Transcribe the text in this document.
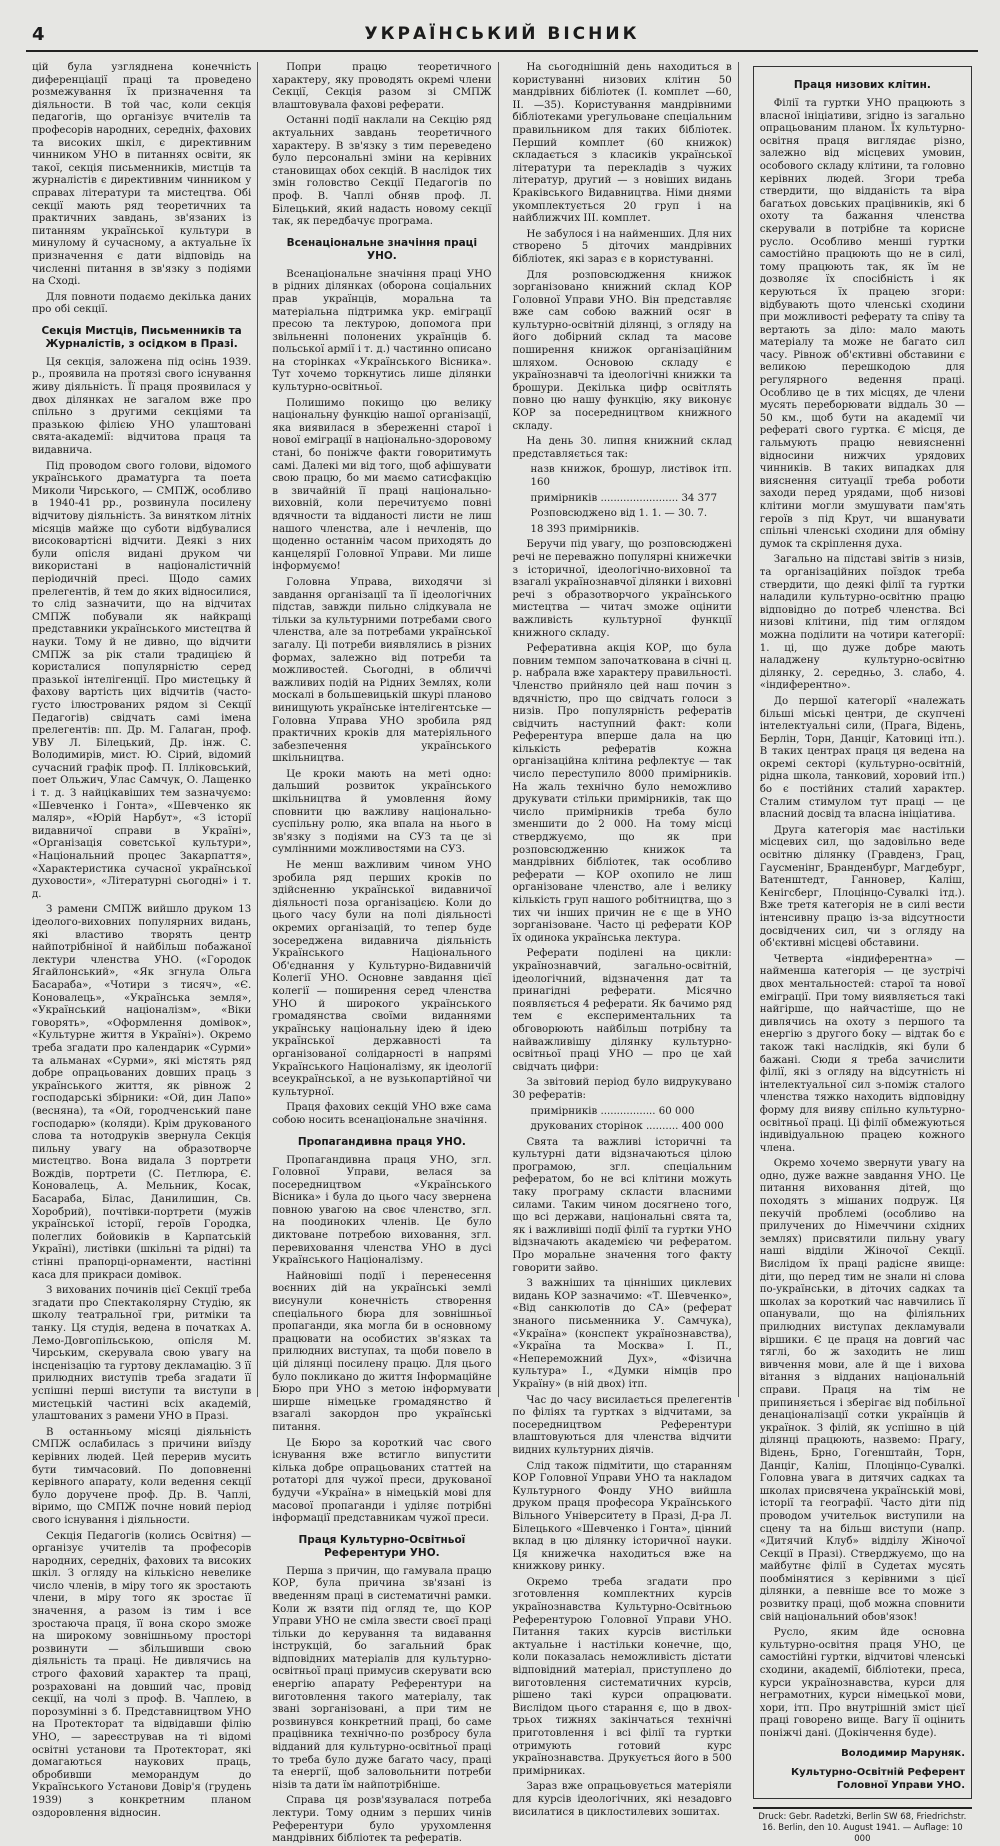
4	УКРАЇНСЬКИЙ ВІСНИК

цій була узгляднена конечність диференціації праці та проведено розмежування їх призначення та діяльности. В той час, коли секція педагогів, що організує вчителів та професорів народних, середніх, фахових та високих шкіл, є директивним чинником УНО в питаннях освіти, як такої, секція письменників, мистців та журналістів є директивним чинником у справах літератури та мистецтва. Обі секції мають ряд теоретичних та практичних завдань, зв'язаних із питанням української культури в минулому й сучасному, а актуальне їх призначення є дати відповідь на численні питання в зв'язку з подіями на Сході.

Для повноти подаємо декілька даних про обі секції.

Секція Мистців, Письменників та Журналістів, з осідком в Празі.

Ця секція, заложена під осінь 1939. р., проявила на протязі свого існування живу діяльність. Її праця проявилася у двох ділянках не загалом вже про спільно з другими секціями та празькою філією УНО улаштовані свята-академії: відчитова праця та видавнича.

Під проводом свого голови, відомого українського драматурга та поета Миколи Чирського, — СМПЖ, особливо в 1940-41 рр., розвинула посилену відчитову діяльність. За винятком літніх місяців майже що суботи відбувалися високовартісні відчити. Деякі з них були опісля видані друком чи використані в націоналістичній періодичній пресі. Щодо самих прелегентів, й тем до яких відносилися, то слід зазначити, що на відчитах СМПЖ побували як найкращі представники українського мистецтва й науки. Тому й не дивно, що відчити СМПЖ за рік стали традицією й користалися популярністю серед празької інтелігенції. Про мистецьку й фахову вартість цих відчитів (часто-густо ілюстрованих рядом зі Секції Педагогів) свідчать самі імена прелегентів: пп. Др. М. Галаган, проф. УВУ Л. Білецький, Др. інж. С. Володимирів, мист. Ю. Сірий, відомий сучасний графік проф. П. Ілліковський, поет Ольжич, Улас Самчук, О. Лащенко і т. д. З найцікавіших тем зазначуємо: «Шевченко і Гонта», «Шевченко як маляр», «Юрій Нарбут», «З історії видавничої справи в Україні», «Організація совєтської культури», «Національний процес Закарпаття», «Характеристика сучасної української духовости», «Літературні сьогодні» і т. д.

З рамени СМПЖ вийшло друком 13 ідеолого-виховних популярних видань, які властиво творять центр найпотрібніної й найбільш побажаної лектури членства УНО. («Городок Ягайлонський», «Як згнула Ольга Басараба», «Чотири з тисяч», «Є. Коновалець», «Українська земля», «Український націоналізм», «Віки говорять», «Оформлення домівок», «Культурне життя в Україні»). Окремо треба згадати про календарик «Сурми» та альманах «Сурми», які містять ряд добре опрацьованих довших праць з українського життя, як рівнож 2 господарські збірники: «Ой, дин Лапо» (весняна), та «Ой, городченський пане господарю» (коляди). Крім друкованого слова та нотодруків звернула Секція пильну увагу на образотворче мистецтво. Вона видала 3 портрети Вождів, портрети (С. Петлюра, Є. Коновалець, А. Мельник, Косак, Басараба, Білас, Данилишин, Св. Хоробрий), почтівки-портрети (мужів української історії, героїв Городка, полеглих бойовиків в Карпатській Україні), листівки (шкільні та рідні) та стінні прапорці-орнаменти, настінні каса для прикраси домівок.

З вихованих починів цієї Секції треба згадати про Спектаколярну Студію, як школу театральної гри, ритміки та танку. Ця студія, ведена в початках А. Лемо-Довгопільською, опісля М. Чирським, скерувала свою увагу на інсценізацію та гуртову декламацію. З її прилюдних виступів треба згадати її успішні перші виступи та виступи в мистецькій частині всіх академій, улаштованих з рамени УНО в Празі.

В останньому місяці діяльність СМПЖ ослабилась з причини виїзду керівних людей. Цей перерив мусить бути тимчасовий. По доповненні керівного апарату, коли ведення секції було доручене проф. Др. В. Чаплі, віримо, що СМПЖ почне новий період свого існування і діяльности.

Секція Педагогів (колись Освітня) — організує учителів та професорів народних, середніх, фахових та високих шкіл. З огляду на кількісно невелике число членів, в міру того як зростають члени, в міру того як зростає її значення, а разом із тим і все зростаюча праця, її вона скоро зможе на широкому зовнішньому просторі розвинути — збільшивши свою діяльність та праці. Не дивлячись на строго фаховий характер та праці, розраховані на довший час, провід секції, на чолі з проф. В. Чаплею, в порозумінні з б. Представництвом УНО на Протекторат та відвідавши філію УНО, — зареєстрував на ті відомі освітні установи та Протекторат, які домагаються наукових праць, обробивши меморандум до Українського Установи Довір'я (грудень 1939) з конкретним планом оздоровлення відносин.

Попри працю теоретичного характеру, яку проводять окремі члени Секції, Секція разом зі СМПЖ влаштовувала фахові реферати.

Останні події наклали на Секцію ряд актуальних завдань теоретичного характеру. В зв'язку з тим переведено було персональні зміни на керівних становищах обох секцій. В наслідок тих змін головство Секції Педагогів по проф. В. Чаплі обняв проф. Л. Білецький, який надасть новому секції так, як передбачує програма.

Всенаціональне значіння праці УНО.

Всенаціональне значіння праці УНО в рідних ділянках (оборона соціальних прав українців, моральна та матеріальна підтримка укр. еміграції пресою та лектурою, допомога при звільненні полонених українців б. польської армії і т. д.) частинно описано на сторінках «Українського Вісника». Тут хочемо торкнутись лише ділянки культурно-освітньої.

Полишимо покищо цю велику національну функцію нашої організації, яка виявилася в збереженні старої і нової еміграції в національно-здоровому стані, бо поніжче факти говоритимуть самі. Далекі ми від того, щоб афішувати свою працю, бо ми маємо сатисфакцію в звичайній її праці національно-виховній, коли перечитуємо повні вдячности та відданості листи не лиш нашого членства, але і нечленів, що щоденно останнім часом приходять до канцелярії Головної Управи. Ми лише інформуємо!

Головна Управа, виходячи зі завдання організації та її ідеологічних підстав, завжди пильно слідкувала не тільки за культурними потребами свого членства, але за потребами української загалу. Ці потреби виявлялись в різних формах, залежно від потреби та можливостей. Сьогодні, в обличчі важливих подій на Рідних Землях, коли москалі в большевицькій шкурі планово винищують українське інтелігентське — Головна Управа УНО зробила ряд практичних кроків для матеріяльного забезпечення українського шкільництва.

Це кроки мають на меті одно: дальший розвиток українського шкільництва й умовлення йому сповнити цю важливу національно-суспільну ролю, яка впала на нього в зв'язку з подіями на СУЗ та це зі сумлінними можливостями на СУЗ.

Не менш важливим чином УНО зробила ряд перших кроків по здійсненню української видавничої діяльності поза організацією. Коли до цього часу були на полі діяльності окремих організацій, то тепер буде зосереджена видавнича діяльність Українського Національного Об'єднання у Культурно-Видавничій Колегії УНО. Основне завдання цієї колегії — поширення серед членства УНО й широкого українського громадянства своїми виданнями українську національну ідею й ідею української державності та організованої солідарності в напрямі Українського Націоналізму, як ідеології всеукраїнської, а не вузькопартійної чи культурної.

Праця фахових секцій УНО вже сама собою носить всенаціональне значіння.

Пропагандивна праця УНО.

Пропагандивна праця УНО, згл. Головної Управи, велася за посередництвом «Українського Вісника» і була до цього часу звернена повною увагою на своє членство, згл. на поодиноких членів. Це було диктоване потребою виховання, згл. перевиховання членства УНО в дусі Українського Націоналізму.

Найновіші події і перенесення воєнних дій на українські землі висунули конечність створення спеціального бюра для зовнішньої пропаганди, яка могла би в основному працювати на особистих зв'язках та прилюдних виступах, та щоби повело в цій ділянці посилену працю. Для цього було покликано до життя Інформаційне Бюро при УНО з метою інформувати ширше німецьке громадянство й взагалі закордон про українські питання.

Це Бюро за короткий час свого існування вже встигло випустити кілька добре опрацьованих статтей на ротаторі для чужої преси, друкованої будучи «Україна» в німецькій мові для масової пропаганди і уділяє потрібні інформації представникам чужої преси.

Праця Культурно-Освітньої Референтури УНО.

Перша з причин, що гамувала працю КОР, була причина зв'язані із введенням праці в систематичні рамки. Коли ж взяти під огляд те, що КОР Управи УНО не сміла звести своєї праці тільки до керування та видавання інструкцій, бо загальний брак відповідних матеріалів для культурно-освітньої праці примусив скерувати всю енергію апарату Референтури на виготовлення такого матеріалу, так звані зорганізовані, а при тим не розвинувся конкретний праці, бо саме працівника технічно-по розбросу була відданий для культурно-освітньої праці то треба було дуже багато часу, праці та енергії, щоб заловольнити потреби нізів та дати їм найпотрібніше.

Справа ця розв'язувалася потреба лектури. Тому одним з перших чинів Референтури було урухомлення мандрівних бібліотек та рефератів.

На сьогоднішній день находиться в користуванні низових клітин 50 мандрівних бібліотек (I. комплет —60, II. —35). Користування мандрівними бібліотеками урегульоване спеціальним правильником для таких бібліотек. Перший комплет (60 книжок) складається з класиків української літератури та перекладів з чужих літератур, другий — з новіших видань Краківського Видавництва. Німи днями укомплектується 20 груп і на найближчих ІІІ. комплет.

Не забулося і на найменших. Для них створено 5 діточих мандрівних бібліотек, які зараз є в користуванні.

Для розповсюдження книжок зорганізовано книжний склад КОР Головної Управи УНО. Він представляє вже сам собою важний осяг в культурно-освітній ділянці, з огляду на його добірний склад та масове поширення книжок організаційним шляхом. Основою складу є українознавчі та ідеологічні книжки та брошури. Декілька цифр освітлять повно цю нашу функцію, яку виконує КОР за посередництвом книжного складу.

На день 30. липня книжний склад представляється так:

назв книжок, брошур, листівок ітп. 160

примірників ........................ 34 377

Розповсюджено від 1. 1. — 30. 7.

18 393 примірників.

Беручи під увагу, що розповсюджені речі не переважно популярні книжечки з історичної, ідеологічно-виховної та взагалі українознавчої ділянки і виховні речі з образотворчого українського мистецтва — читач зможе оцінити важливість культурної функції книжного складу.

Реферативна акція КОР, що була повним темпом започаткована в січні ц. р. набрала вже характеру правильності. Членство прийняло цей наш почин з вдячністю, про що свідчать голоси з низів. Про популярність рефератів свідчить наступний факт: коли Референтура вперше дала на цю кількість рефератів кожна організаційна клітина рефлектує — так число переступило 8000 примірників. На жаль технічно було неможливо друкувати стільки примірників, так що число примірників треба було зменшити до 2 000. На тому місці стверджуємо, що як при розповсюдженню книжок та мандрівних бібліотек, так особливо реферати — КОР охопило не лиш організоване членство, але і велику кількість груп нашого робітництва, що з тих чи інших причин не є ще в УНО зорганізоване. Часто ці реферати КОР їх одинока українська лектура.

Реферати поділені на цикли: українознавчий, загально-освітній, ідеологічний, відзначення дат та принагідні реферати. Місячно появляється 4 реферати. Як бачимо ряд тем є експериментальних та обговорюють найбільш потрібну та найважливішу ділянку культурно-освітньої праці УНО — про це хай свідчать цифри:

За звітовий період було видрукувано 30 рефератів:

примірників ................. 60 000

друкованих сторінок .......... 400 000

Свята та важливі історичні та культурні дати відзначаються цілою програмою, згл. спеціальним рефератом, бо не всі клітини можуть таку програму скласти власними силами. Таким чином досягнено того, що всі держави, національні свята та, як і важливіші події філії та гуртки УНО відзначають академією чи рефератом. Про моральне значення того факту говорити зайво.

З важніших та цінніших циклевих видань КОР зазначимо: «Т. Шевченко», «Від санкюлотів до СА» (реферат знаного письменника У. Самчука), «Україна» (конспект українознавства), «Україна та Москва» І. П., «Непереможний Дух», «Фізична культура» І., «Думки німців про Україну» (в ній двох) ітп.

Час до часу висилається прелегентів по філіях та гуртках з відчитами, за посередництвом Референтури влаштовуються для членства відчити видних культурних діячів.

Слід також підмітити, що старанням КОР Головної Управи УНО та накладом Культурного Фонду УНО вийшла друком праця професора Українського Вільного Університету в Празі, Д-ра Л. Білецького «Шевченко і Гонта», цінний вклад в цю ділянку історичної науки. Ця книжечка находиться вже на книжкову ринку.

Окремо треба згадати про зготовлення комплектних курсів українознавства Культурно-Освітньою Референтурою Головної Управи УНО. Питання таких курсів вистільки актуальне і настільки конечне, що, коли показалась неможливість дістати відповідний матеріал, приступлено до виготовлення систематичних курсів, рішено такі курси опрацювати. Вислідом цього старання є, що в двох-трьох тижнях закінчаться технічні приготовлення і всі філії та гуртки отримують готовий курс українознавства. Друкується його в 500 примірниках.

Зараз вже опрацьовується матеріяли для курсів ідеологічних, які незадовго висилатися в циклостилевих зошитах.

Праця низових клітин.

Філії та гуртки УНО працюють з власної ініціативи, згідно із загально опрацьованим планом. Їх культурно-освітня праця виглядає різно, залежно від місцевих умовин, особового складу клітини, та головно керівних людей. Згори треба ствердити, що відданість та віра багатьох довських працівників, які б охоту та бажання членства скерували в потрібне та корисне русло. Особливо менші гуртки самостійно працюють що не в силі, тому працюють так, як їм не дозволяє їх спосібність і як керуються їх працею згори: відбувають щото членські сходини при можливості реферату та співу та вертають за діло: мало мають матеріалу та може не багато сил часу. Рівнож об'єктивні обставини є великою перешкодою для регулярного ведення праці. Особливо це в тих місцях, де члени мусять переборювати віддаль 30 — 50 км., щоб бути на академії чи рефераті свого гуртка. Є місця, де гальмують працю невиясненні відносини нижчих урядових чинників. В таких випадках для вияснення ситуації треба роботи заходи перед урядами, щоб низові клітини могли змушувати пам'ять героїв з під Крут, чи вшанувати спільні членські сходини для обміну думок та скріплення духа.

Загально на підставі звітів з низів, та організаційних поїздок треба ствердити, що деякі філії та гуртки наладили культурно-освітню працю відповідно до потреб членства. Всі низові клітини, під тим оглядом можна поділити на чотири категорії: 1. ці, що дуже добре мають наладжену культурно-освітню ділянку, 2. середньо, 3. слабо, 4. «індиферентно».

До першої категорії «належать більші міські центри, де скупчені інтелектуальні сили, (Прага, Відень, Берлін, Торн, Данціг, Катовиці ітп.). В таких центрах праця ця ведена на окремі секторі (культурно-освітній, рідна школа, танковий, хоровий ітп.) бо є постійних сталий характер. Сталим стимулом тут праці — це власний досвід та власна ініціатива.

Друга категорія має настільки місцевих сил, що задовільно веде освітню ділянку (Гравденз, Грац, Гаусменінг, Бранденбург, Магдебург, Ватенштедт, Ганновер, Каліш, Кенігсберг, Плоцінцо-Сувалкі ітд.). Вже третя категорія не в силі вести інтенсивну працю із-за відсутности досвідчених сил, чи з огляду на об'єктивні місцеві обставини.

Четверта «індиферентна» — найменша категорія — це зустрічі двох ментальностей: старої та нової еміграції. При тому виявляється такі найгірше, що найчастіше, що не дивлячись на охоту з першого та енергію з другого боку — відтак бо є також такі наслідків, які були б бажані. Сюди я треба зачислити філії, які з огляду на відсутність ні інтелектуальної сил з-поміж сталого членства тяжко находить відповідну форму для вияву спільно культурно-освітньої праці. Ці філії обмежуються індивідуальною працею кожного члена.

Окремо хочемо звернути увагу на одно, дуже важне завдання УНО. Це питання виховання дітей, що походять з мішаних подруж. Ця пекучій проблемі (особливо на прилучених до Німеччини східних землях) присвятили пильну увагу наші відділи Жіночої Секції. Вислідом їх праці радісне явище: діти, що перед тим не знали ні слова по-українськи, в діточих садках та школах за короткий час навчились її опанували, що на філіяльних прилюдних виступах декламували віршики. Є це праця на довгий час тяглі, бо ж заходить не лиш вивчення мови, але й ще і вихова вітання з відданих національній справи. Праця на тім не припиняється і зберігає від побільної денаціоналізації сотки українців й українок. З філій, як успішно в цій ділянці працюють, назвемо: Прагу, Відень, Брно, Гогенштайн, Торн, Данціг, Каліш, Плоцінцо-Сувалкі. Головна увага в дитячих садках та школах присвячена українській мові, історії та географії. Часто діти під проводом учительок виступили на сцену та на більш виступи (напр. «Дитячий Клуб» відділу Жіночої Секції в Празі). Стверджуємо, що на майбутнє філії в Судетах мусять пообмінятися з керівними з цієї ділянки, а певніше все то може з розвитку праці, щоб можна сповнити свій національний обов'язок!

Русло, яким йде основна культурно-освітня праця УНО, це самостійні гуртки, відчитові членські сходини, академії, бібліотеки, преса, курси українознавства, курси для неграмотних, курси німецької мови, хори, ітп. Про внутрішній зміст цієї праці говорено вище. Вагу її оцінить поніжчі дані. (Докінчення буде).

Володимир Маруняк.
Культурно-Освітній Референт Головної Управи УНО.
Druck: Gebr. Radetzki, Berlin SW 68, Friedrichstr. 16. Berlin, den 10. August 1941. — Auflage: 10 000
